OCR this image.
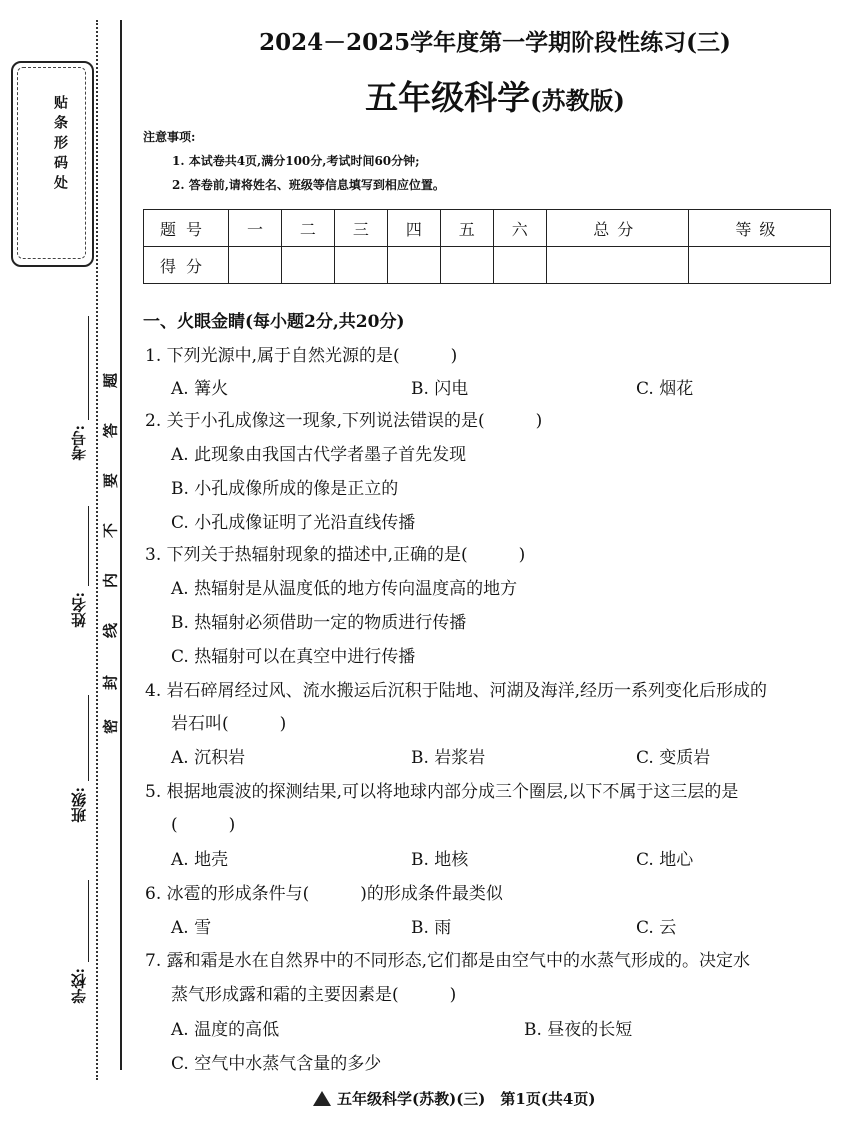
贴条形码处
考号:
姓名:
班级:
学校:
题
答
要
不
内
线
封
密
2024－2025学年度第一学期阶段性练习(三)
五年级科学(苏教版)
注意事项:
1. 本试卷共4页,满分100分,考试时间60分钟;
2. 答卷前,请将姓名、班级等信息填写到相应位置。
题号	一	二	三	四	五	六	总分	等级
得分								
一、火眼金睛(每小题2分,共20分)
1. 下列光源中,属于自然光源的是(　　　)
A. 篝火	B. 闪电	C. 烟花
2. 关于小孔成像这一现象,下列说法错误的是(　　　)
A. 此现象由我国古代学者墨子首先发现
B. 小孔成像所成的像是正立的
C. 小孔成像证明了光沿直线传播
3. 下列关于热辐射现象的描述中,正确的是(　　　)
A. 热辐射是从温度低的地方传向温度高的地方
B. 热辐射必须借助一定的物质进行传播
C. 热辐射可以在真空中进行传播
4. 岩石碎屑经过风、流水搬运后沉积于陆地、河湖及海洋,经历一系列变化后形成的
岩石叫(　　　)
A. 沉积岩	B. 岩浆岩	C. 变质岩
5. 根据地震波的探测结果,可以将地球内部分成三个圈层,以下不属于这三层的是
(　　　)
A. 地壳	B. 地核	C. 地心
6. 冰雹的形成条件与(　　　)的形成条件最类似
A. 雪	B. 雨	C. 云
7. 露和霜是水在自然界中的不同形态,它们都是由空气中的水蒸气形成的。决定水
蒸气形成露和霜的主要因素是(　　　)
A. 温度的高低	B. 昼夜的长短
C. 空气中水蒸气含量的多少
五年级科学(苏教)(三)　第1页(共4页)
